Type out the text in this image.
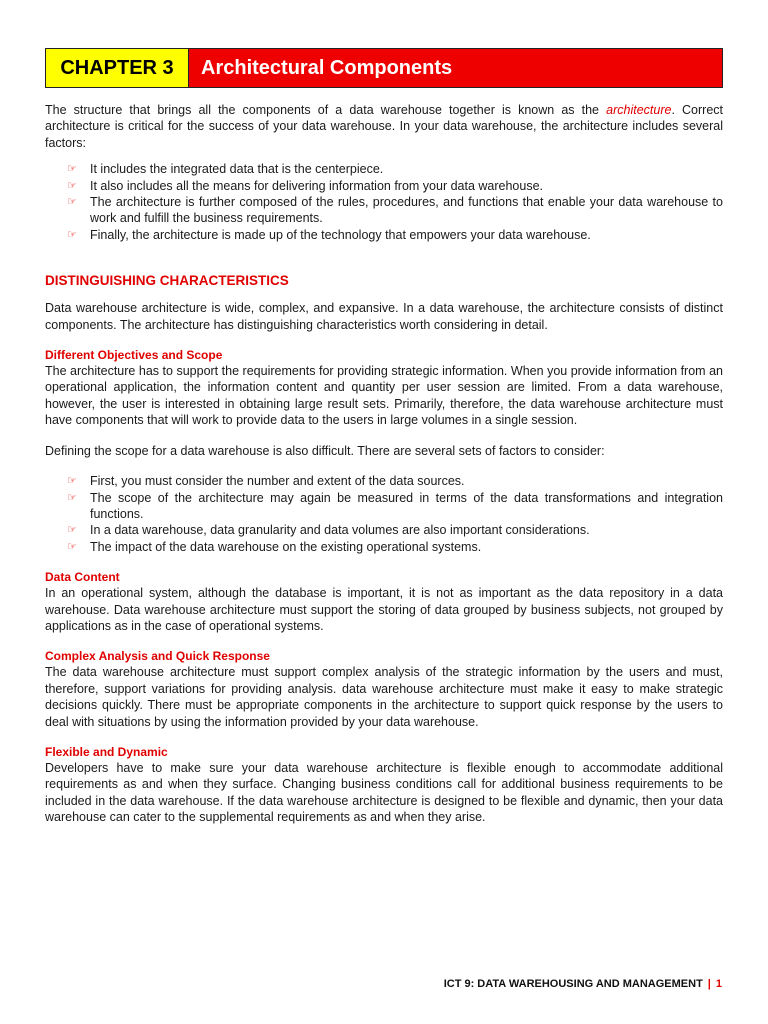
CHAPTER 3	Architectural Components

The structure that brings all the components of a data warehouse together is known as the architecture. Correct architecture is critical for the success of your data warehouse. In your data warehouse, the architecture includes several factors:

☞ It includes the integrated data that is the centerpiece.
☞ It also includes all the means for delivering information from your data warehouse.
☞ The architecture is further composed of the rules, procedures, and functions that enable your data warehouse to work and fulfill the business requirements.
☞ Finally, the architecture is made up of the technology that empowers your data warehouse.
DISTINGUISHING CHARACTERISTICS

Data warehouse architecture is wide, complex, and expansive. In a data warehouse, the architecture consists of distinct components. The architecture has distinguishing characteristics worth considering in detail.

Different Objectives and Scope

The architecture has to support the requirements for providing strategic information. When you provide information from an operational application, the information content and quantity per user session are limited. From a data warehouse, however, the user is interested in obtaining large result sets. Primarily, therefore, the data warehouse architecture must have components that will work to provide data to the users in large volumes in a single session.

Defining the scope for a data warehouse is also difficult. There are several sets of factors to consider:

☞ First, you must consider the number and extent of the data sources.
☞ The scope of the architecture may again be measured in terms of the data transformations and integration functions.
☞ In a data warehouse, data granularity and data volumes are also important considerations.
☞ The impact of the data warehouse on the existing operational systems.
Data Content

In an operational system, although the database is important, it is not as important as the data repository in a data warehouse. Data warehouse architecture must support the storing of data grouped by business subjects, not grouped by applications as in the case of operational systems.

Complex Analysis and Quick Response

The data warehouse architecture must support complex analysis of the strategic information by the users and must, therefore, support variations for providing analysis. data warehouse architecture must make it easy to make strategic decisions quickly. There must be appropriate components in the architecture to support quick response by the users to deal with situations by using the information provided by your data warehouse.

Flexible and Dynamic

Developers have to make sure your data warehouse architecture is flexible enough to accommodate additional requirements as and when they surface. Changing business conditions call for additional business requirements to be included in the data warehouse. If the data warehouse architecture is designed to be flexible and dynamic, then your data warehouse can cater to the supplemental requirements as and when they arise.

ICT 9: DATA WAREHOUSING AND MANAGEMENT | 1
